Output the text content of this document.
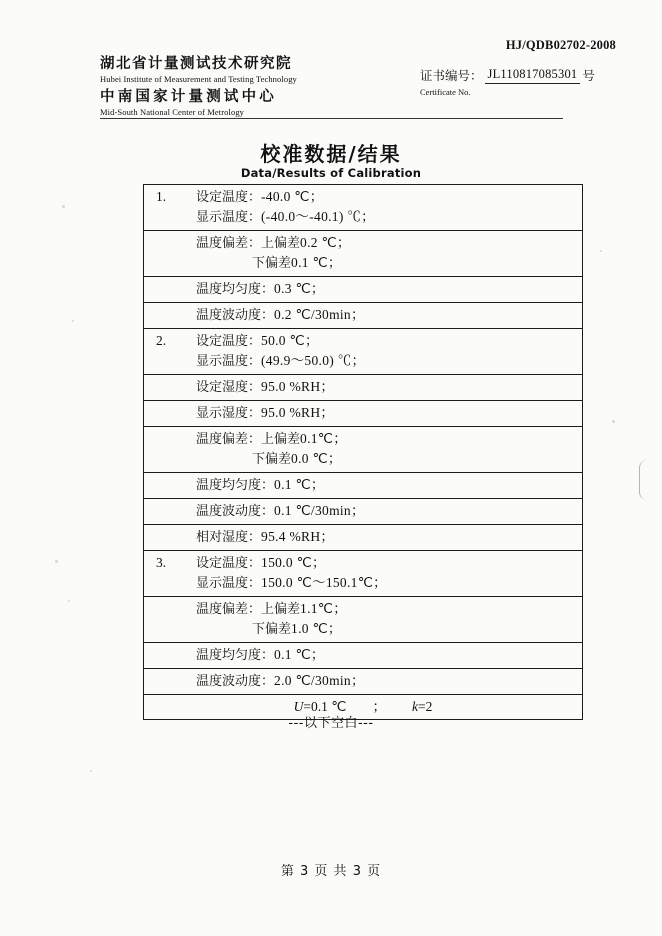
HJ/QDB02702-2008
湖北省计量测试技术研究院
Hubei Institute of Measurement and Testing Technology
中南国家计量测试中心
Mid-South National Center of Metrology
证书编号： JL110817085301 号
Certificate No.
校准数据/结果
Data/Results of Calibration
1.	设定温度：-40.0 ℃；
显示温度：(-40.0～-40.1) ℃；

温度偏差：上偏差0.2 ℃；
下偏差0.1 ℃；

温度均匀度：0.3 ℃；

温度波动度：0.2 ℃/30min；

2.	设定温度：50.0 ℃；
显示温度：(49.9～50.0) ℃；

设定湿度：95.0 %RH；

显示湿度：95.0 %RH；

温度偏差：上偏差0.1℃；
下偏差0.0 ℃；

温度均匀度：0.1 ℃；

温度波动度：0.1 ℃/30min；

相对湿度：95.4 %RH；

3.	设定温度：150.0 ℃；
显示温度：150.0 ℃～150.1℃；

温度偏差：上偏差1.1℃；
下偏差1.0 ℃；

温度均匀度：0.1 ℃；

温度波动度：2.0 ℃/30min；

U=0.1 ℃ ； k=2
---以下空白---
第 3 页 共 3 页
